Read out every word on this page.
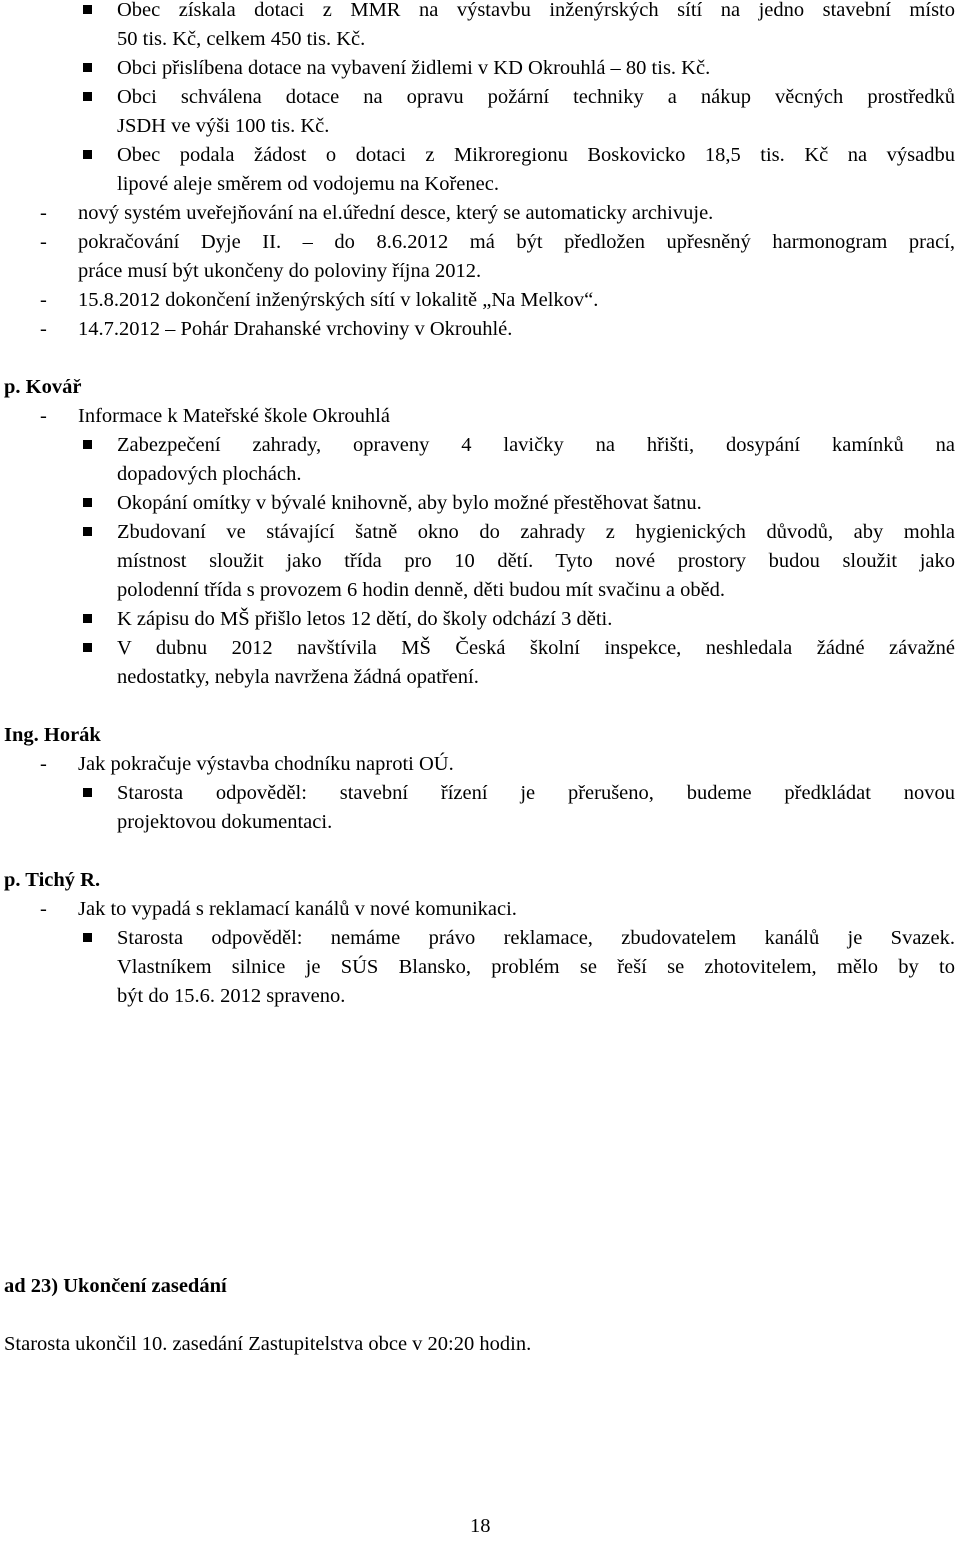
Obec získala dotaci z MMR na výstavbu inženýrských sítí na jedno stavební místo
50 tis. Kč, celkem 450 tis. Kč.
Obci přislíbena dotace na vybavení židlemi v KD Okrouhlá – 80 tis. Kč.
Obci schválena dotace na opravu požární techniky a nákup věcných prostředků
JSDH ve výši 100 tis. Kč.
Obec podala žádost o dotaci z Mikroregionu Boskovicko 18,5 tis. Kč na výsadbu
lipové aleje směrem od vodojemu na Kořenec.
- nový systém uveřejňování na el.úřední desce, který se automaticky archivuje.
- pokračování Dyje II. – do 8.6.2012 má být předložen upřesněný harmonogram prací,
práce musí být ukončeny do poloviny října 2012.
- 15.8.2012 dokončení inženýrských sítí v lokalitě „Na Melkov“.
- 14.7.2012 – Pohár Drahanské vrchoviny v Okrouhlé.
p. Kovář
- Informace k Mateřské škole Okrouhlá
Zabezpečení zahrady, opraveny 4 lavičky na hřišti, dosypání kamínků na
dopadových plochách.
Okopání omítky v bývalé knihovně, aby bylo možné přestěhovat šatnu.
Zbudovaní ve stávající šatně okno do zahrady z hygienických důvodů, aby mohla
místnost sloužit jako třída pro 10 dětí. Tyto nové prostory budou sloužit jako
polodenní třída s provozem 6 hodin denně, děti budou mít svačinu a oběd.
K zápisu do MŠ přišlo letos 12 dětí, do školy odchází 3 děti.
V dubnu 2012 navštívila MŠ Česká školní inspekce, neshledala žádné závažné
nedostatky, nebyla navržena žádná opatření.
Ing. Horák
- Jak pokračuje výstavba chodníku naproti OÚ.
Starosta odpověděl: stavební řízení je přerušeno, budeme předkládat novou
projektovou dokumentaci.
p. Tichý R.
- Jak to vypadá s reklamací kanálů v nové komunikaci.
Starosta odpověděl: nemáme právo reklamace, zbudovatelem kanálů je Svazek.
Vlastníkem silnice je SÚS Blansko, problém se řeší se zhotovitelem, mělo by to
být do 15.6. 2012 spraveno.
ad 23) Ukončení zasedání
Starosta ukončil 10. zasedání Zastupitelstva obce v 20:20 hodin.
18
